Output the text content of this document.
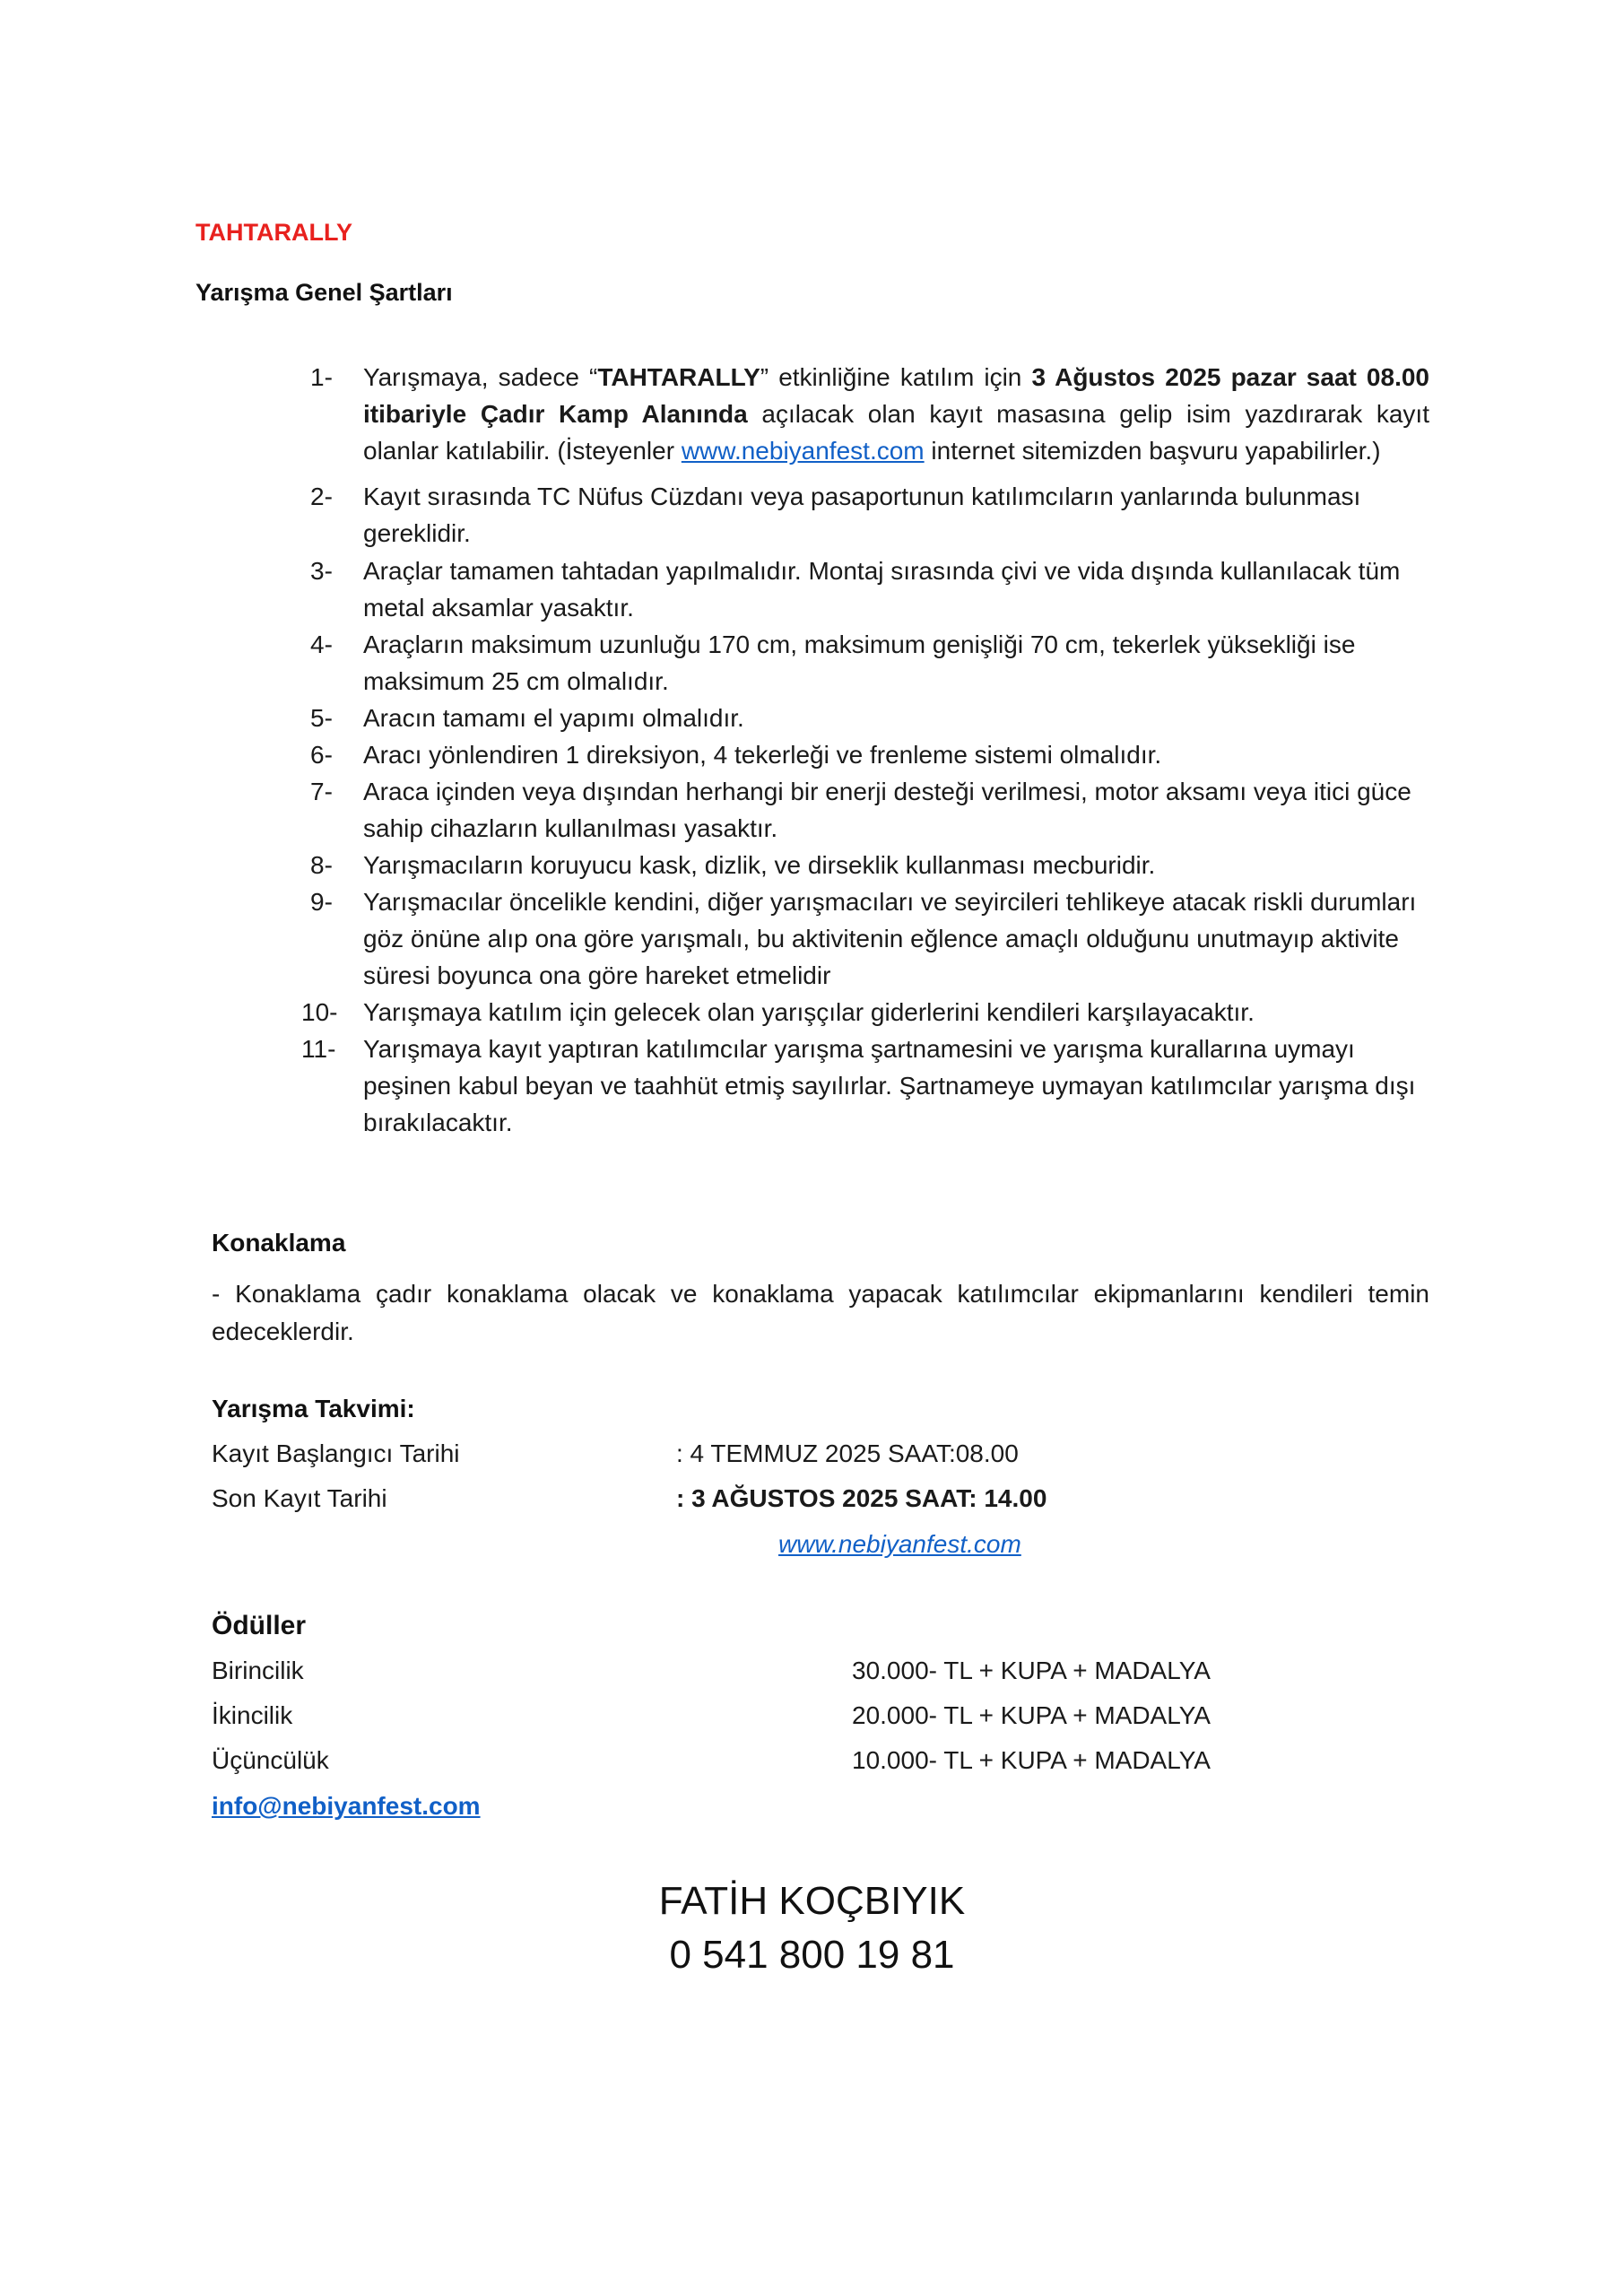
TAHTARALLY
Yarışma Genel Şartları
1- Yarışmaya, sadece “TAHTARALLY” etkinliğine katılım için 3 Ağustos 2025 pazar saat 08.00 itibariyle Çadır Kamp Alanında açılacak olan kayıt masasına gelip isim yazdırarak kayıt olanlar katılabilir. (İsteyenler www.nebiyanfest.com internet sitemizden başvuru yapabilirler.)
2- Kayıt sırasında TC Nüfus Cüzdanı veya pasaportunun katılımcıların yanlarında bulunması gereklidir.
3- Araçlar tamamen tahtadan yapılmalıdır. Montaj sırasında çivi ve vida dışında kullanılacak tüm metal aksamlar yasaktır.
4- Araçların maksimum uzunluğu 170 cm, maksimum genişliği 70 cm, tekerlek yüksekliği ise maksimum 25 cm olmalıdır.
5- Aracın tamamı el yapımı olmalıdır.
6- Aracı yönlendiren 1 direksiyon, 4 tekerleği ve frenleme sistemi olmalıdır.
7- Araca içinden veya dışından herhangi bir enerji desteği verilmesi, motor aksamı veya itici güce sahip cihazların kullanılması yasaktır.
8- Yarışmacıların koruyucu kask, dizlik, ve dirseklik kullanması mecburidir.
9- Yarışmacılar öncelikle kendini, diğer yarışmacıları ve seyircileri tehlikeye atacak riskli durumları göz önüne alıp ona göre yarışmalı, bu aktivitenin eğlence amaçlı olduğunu unutmayıp aktivite süresi boyunca ona göre hareket etmelidir
10- Yarışmaya katılım için gelecek olan yarışçılar giderlerini kendileri karşılayacaktır.
11- Yarışmaya kayıt yaptıran katılımcılar yarışma şartnamesini ve yarışma kurallarına uymayı peşinen kabul beyan ve taahhüt etmiş sayılırlar. Şartnameye uymayan katılımcılar yarışma dışı bırakılacaktır.
Konaklama
- Konaklama çadır konaklama olacak ve konaklama yapacak katılımcılar ekipmanlarını kendileri temin edeceklerdir.
Yarışma Takvimi:
Kayıt Başlangıcı Tarihi	: 4 TEMMUZ 2025 SAAT:08.00
Son Kayıt Tarihi	: 3 AĞUSTOS 2025 SAAT: 14.00
www.nebiyanfest.com
Ödüller
Birincilik	30.000- TL + KUPA + MADALYA
İkincilik	20.000- TL + KUPA + MADALYA
Üçüncülük	10.000- TL + KUPA + MADALYA
info@nebiyanfest.com
FATİH KOÇBIYIK
0 541 800 19 81
